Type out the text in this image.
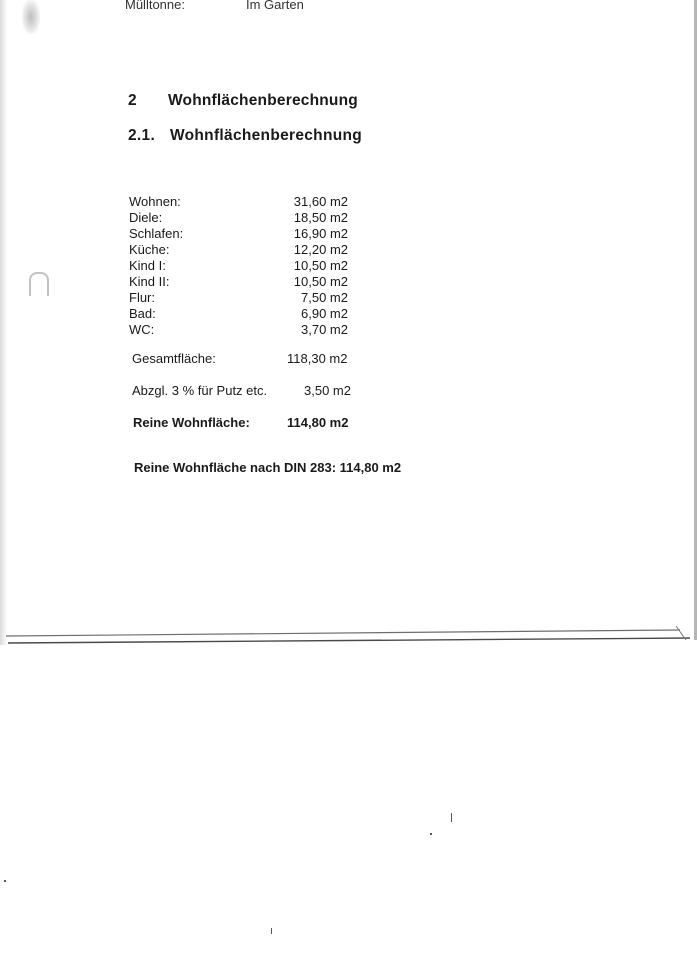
Mülltonne:	Im Garten
2 Wohnflächenberechnung
2.1. Wohnflächenberechnung
Wohnen:	31,60 m2
Diele:	18,50 m2
Schlafen:	16,90 m2
Küche:	12,20 m2
Kind I:	10,50 m2
Kind II:	10,50 m2
Flur:	7,50 m2
Bad:	6,90 m2
WC:	3,70 m2
Gesamtfläche:	118,30 m2
Abzgl. 3 % für Putz etc.	3,50 m2
Reine Wohnfläche:	114,80 m2
Reine Wohnfläche nach DIN 283: 114,80 m2
